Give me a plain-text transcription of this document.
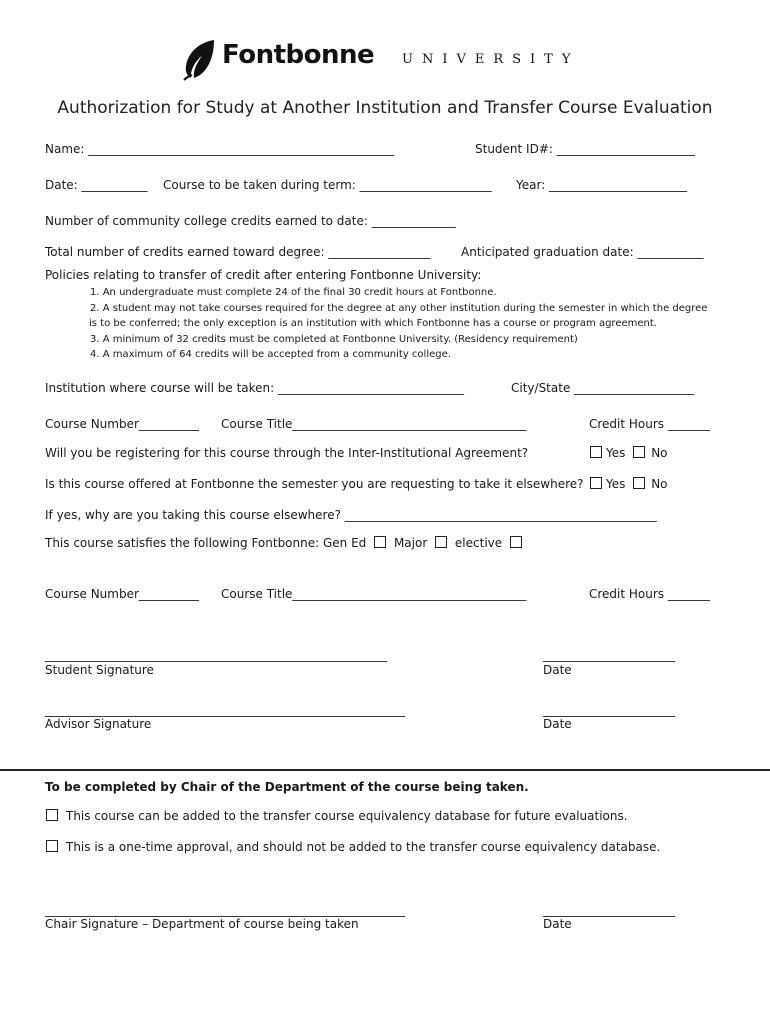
Fontbonne UNIVERSITY
Authorization for Study at Another Institution and Transfer Course Evaluation
Name: ___________________________________________________	Student ID#: _______________________
Date: ___________ Course to be taken during term: ______________________ Year: _______________________
Number of community college credits earned to date: ______________
Total number of credits earned toward degree: _________________	Anticipated graduation date: ___________
Policies relating to transfer of credit after entering Fontbonne University:
1. An undergraduate must complete 24 of the final 30 credit hours at Fontbonne.
2. A student may not take courses required for the degree at any other institution during the semester in which the degree
is to be conferred; the only exception is an institution with which Fontbonne has a course or program agreement.
3. A minimum of 32 credits must be completed at Fontbonne University. (Residency requirement)
4. A maximum of 64 credits will be accepted from a community college.
Institution where course will be taken: _______________________________	City/State ____________________
Course Number__________ Course Title_______________________________________	Credit Hours _______
Will you be registering for this course through the Inter-Institutional Agreement?	Yes No
Is this course offered at Fontbonne the semester you are requesting to take it elsewhere?	Yes No
If yes, why are you taking this course elsewhere? ____________________________________________________
This course satisfies the following Fontbonne: Gen Ed Major elective
Course Number__________ Course Title_______________________________________	Credit Hours _______
_________________________________________________________	______________________
Student Signature	Date
____________________________________________________________	______________________
Advisor Signature	Date
To be completed by Chair of the Department of the course being taken.
This course can be added to the transfer course equivalency database for future evaluations.
This is a one-time approval, and should not be added to the transfer course equivalency database.
____________________________________________________________	______________________
Chair Signature – Department of course being taken	Date
